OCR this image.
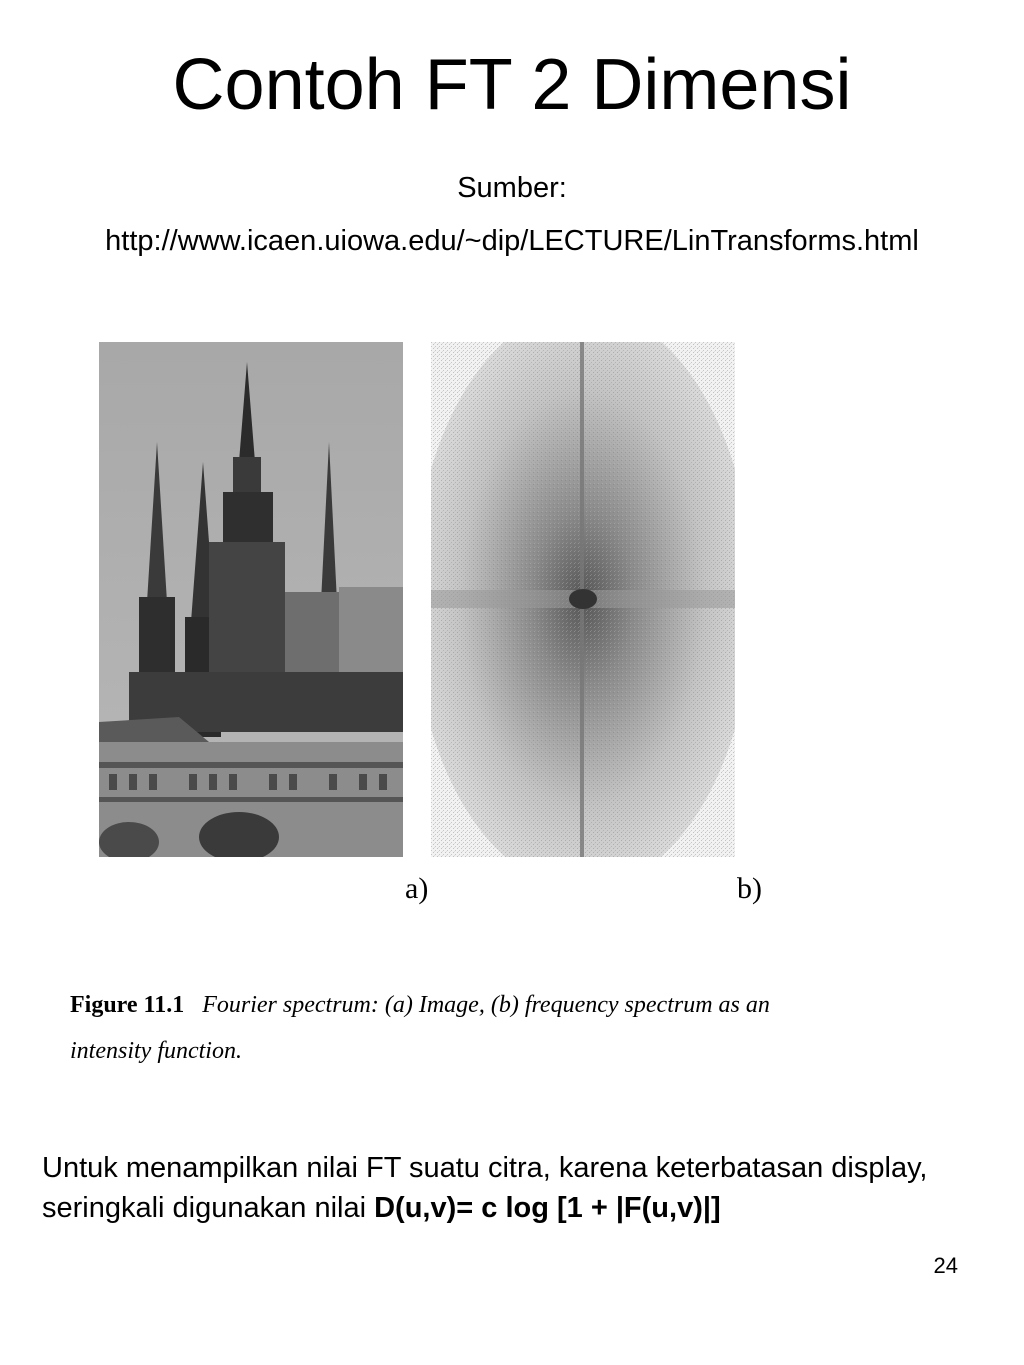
Contoh FT 2 Dimensi
Sumber:
http://www.icaen.uiowa.edu/~dip/LECTURE/LinTransforms.html
a)	b)
Figure 11.1 Fourier spectrum: (a) Image, (b) frequency spectrum as an intensity function.
Untuk menampilkan nilai FT suatu citra, karena keterbatasan display, seringkali digunakan nilai D(u,v)= c log [1 + |F(u,v)|]
24
